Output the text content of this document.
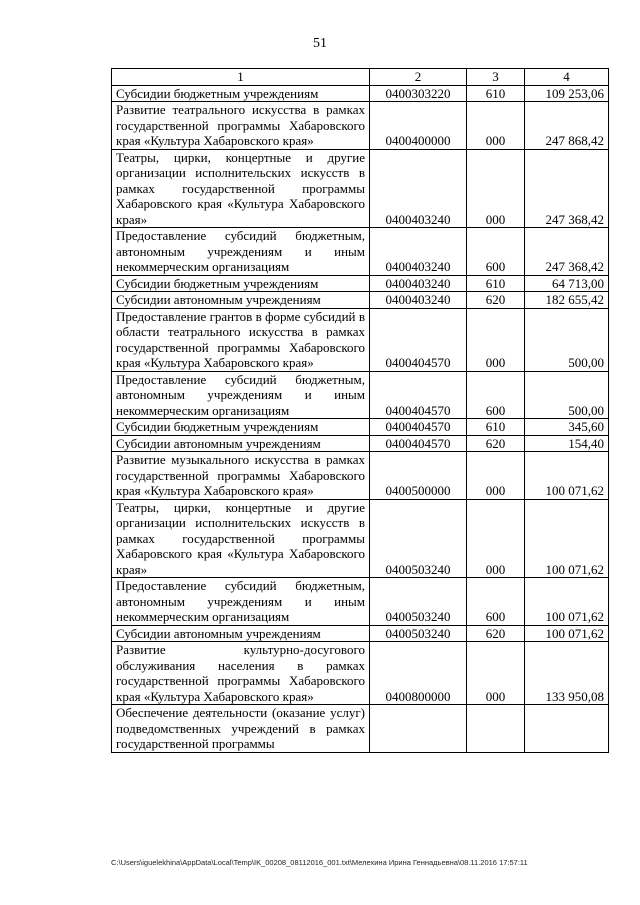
51
1	2	3	4
Субсидии бюджетным учреждениям	0400303220	610	109 253,06
Развитие театрального искусства в рамках государственной программы Хабаровского края «Культура Хабаровского края»	0400400000	000	247 868,42
Театры, цирки, концертные и другие организации исполнительских искусств в рамках государственной программы Хабаровского края «Культура Хабаровского края»	0400403240	000	247 368,42
Предоставление субсидий бюджетным, автономным учреждениям и иным некоммерческим организациям	0400403240	600	247 368,42
Субсидии бюджетным учреждениям	0400403240	610	64 713,00
Субсидии автономным учреждениям	0400403240	620	182 655,42
Предоставление грантов в форме субсидий в области театрального искусства в рамках государственной программы Хабаровского края «Культура Хабаровского края»	0400404570	000	500,00
Предоставление субсидий бюджетным, автономным учреждениям и иным некоммерческим организациям	0400404570	600	500,00
Субсидии бюджетным учреждениям	0400404570	610	345,60
Субсидии автономным учреждениям	0400404570	620	154,40
Развитие музыкального искусства в рамках государственной программы Хабаровского края «Культура Хабаровского края»	0400500000	000	100 071,62
Театры, цирки, концертные и другие организации исполнительских искусств в рамках государственной программы Хабаровского края «Культура Хабаровского края»	0400503240	000	100 071,62
Предоставление субсидий бюджетным, автономным учреждениям и иным некоммерческим организациям	0400503240	600	100 071,62
Субсидии автономным учреждениям	0400503240	620	100 071,62
Развитие культурно-досугового обслуживания населения в рамках государственной программы Хабаровского края «Культура Хабаровского края»	0400800000	000	133 950,08
Обеспечение деятельности (оказание услуг) подведомственных учреждений в рамках государственной программы			
C:\Users\iguelekhina\AppData\Local\Temp\IK_00208_08112016_001.txt\Мелехина Ирина Геннадьевна\08.11.2016 17:57:11
